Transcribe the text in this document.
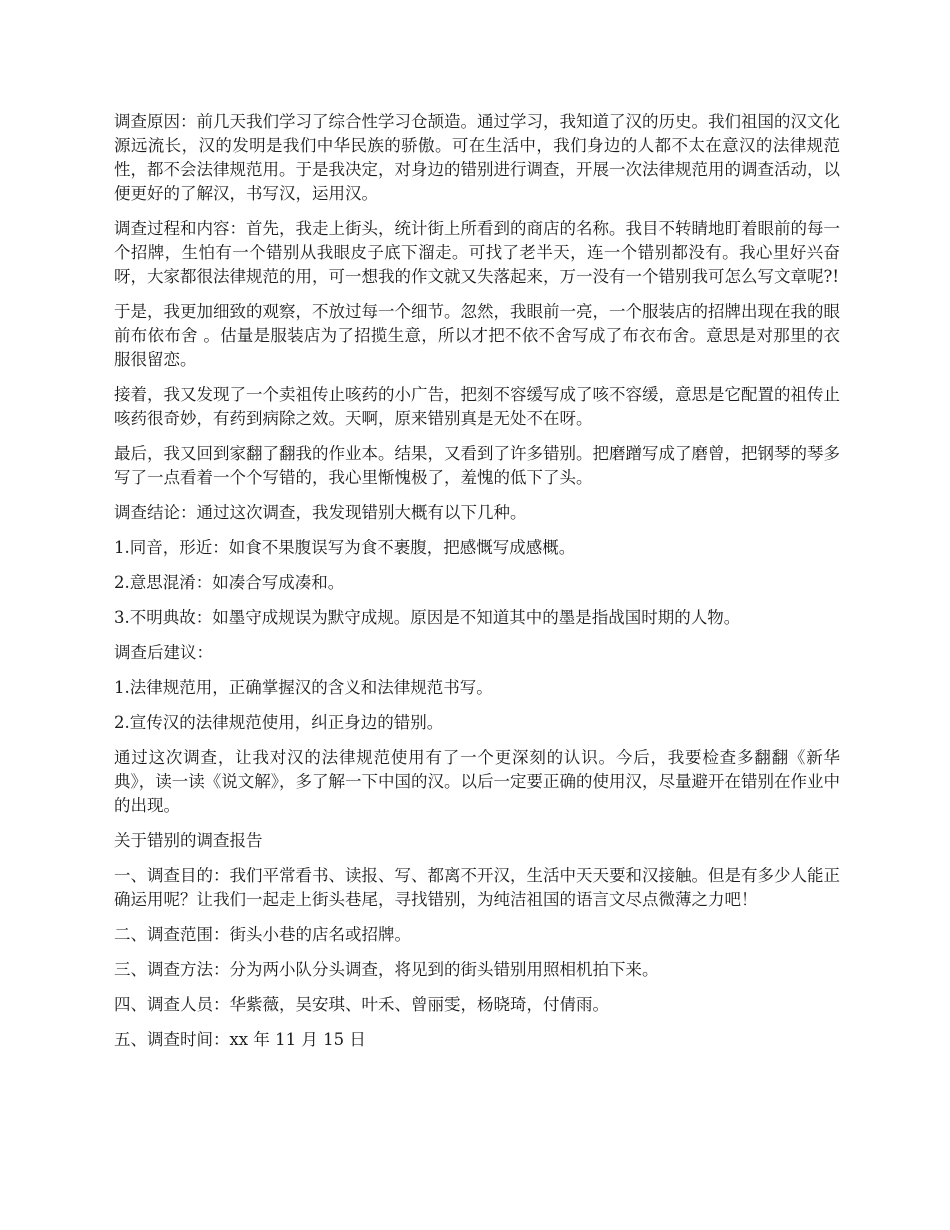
调查原因：前几天我们学习了综合性学习仓颉造。通过学习，我知道了汉的历史。我们祖国的汉文化源远流长，汉的发明是我们中华民族的骄傲。可在生活中，我们身边的人都不太在意汉的法律规范性，都不会法律规范用。于是我决定，对身边的错别进行调查，开展一次法律规范用的调查活动，以便更好的了解汉，书写汉，运用汉。

调查过程和内容：首先，我走上街头，统计街上所看到的商店的名称。我目不转睛地盯着眼前的每一个招牌，生怕有一个错别从我眼皮子底下溜走。可找了老半天，连一个错别都没有。我心里好兴奋呀，大家都很法律规范的用，可一想我的作文就又失落起来，万一没有一个错别我可怎么写文章呢?!

于是，我更加细致的观察，不放过每一个细节。忽然，我眼前一亮，一个服装店的招牌出现在我的眼前布依布舍 。估量是服装店为了招揽生意，所以才把不依不舍写成了布衣布舍。意思是对那里的衣服很留恋。

接着，我又发现了一个卖祖传止咳药的小广告，把刻不容缓写成了咳不容缓，意思是它配置的祖传止咳药很奇妙，有药到病除之效。天啊，原来错别真是无处不在呀。

最后，我又回到家翻了翻我的作业本。结果，又看到了许多错别。把磨蹭写成了磨曾，把钢琴的琴多写了一点看着一个个写错的，我心里惭愧极了，羞愧的低下了头。

调查结论：通过这次调查，我发现错别大概有以下几种。

1.同音，形近：如食不果腹误写为食不裹腹，把感慨写成感概。

2.意思混淆：如凑合写成凑和。

3.不明典故：如墨守成规误为默守成规。原因是不知道其中的墨是指战国时期的人物。

调查后建议：

1.法律规范用，正确掌握汉的含义和法律规范书写。

2.宣传汉的法律规范使用，纠正身边的错别。

通过这次调查，让我对汉的法律规范使用有了一个更深刻的认识。今后，我要检查多翻翻《新华典》，读一读《说文解》，多了解一下中国的汉。以后一定要正确的使用汉，尽量避开在错别在作业中的出现。

关于错别的调查报告

一、调查目的：我们平常看书、读报、写、都离不开汉，生活中天天要和汉接触。但是有多少人能正确运用呢？让我们一起走上街头巷尾，寻找错别，为纯洁祖国的语言文尽点微薄之力吧！

二、调查范围：街头小巷的店名或招牌。

三、调查方法：分为两小队分头调查，将见到的街头错别用照相机拍下来。

四、调查人员：华紫薇，吴安琪、叶禾、曾丽雯，杨晓琦，付倩雨。

五、调查时间：xx 年 11 月 15 日
